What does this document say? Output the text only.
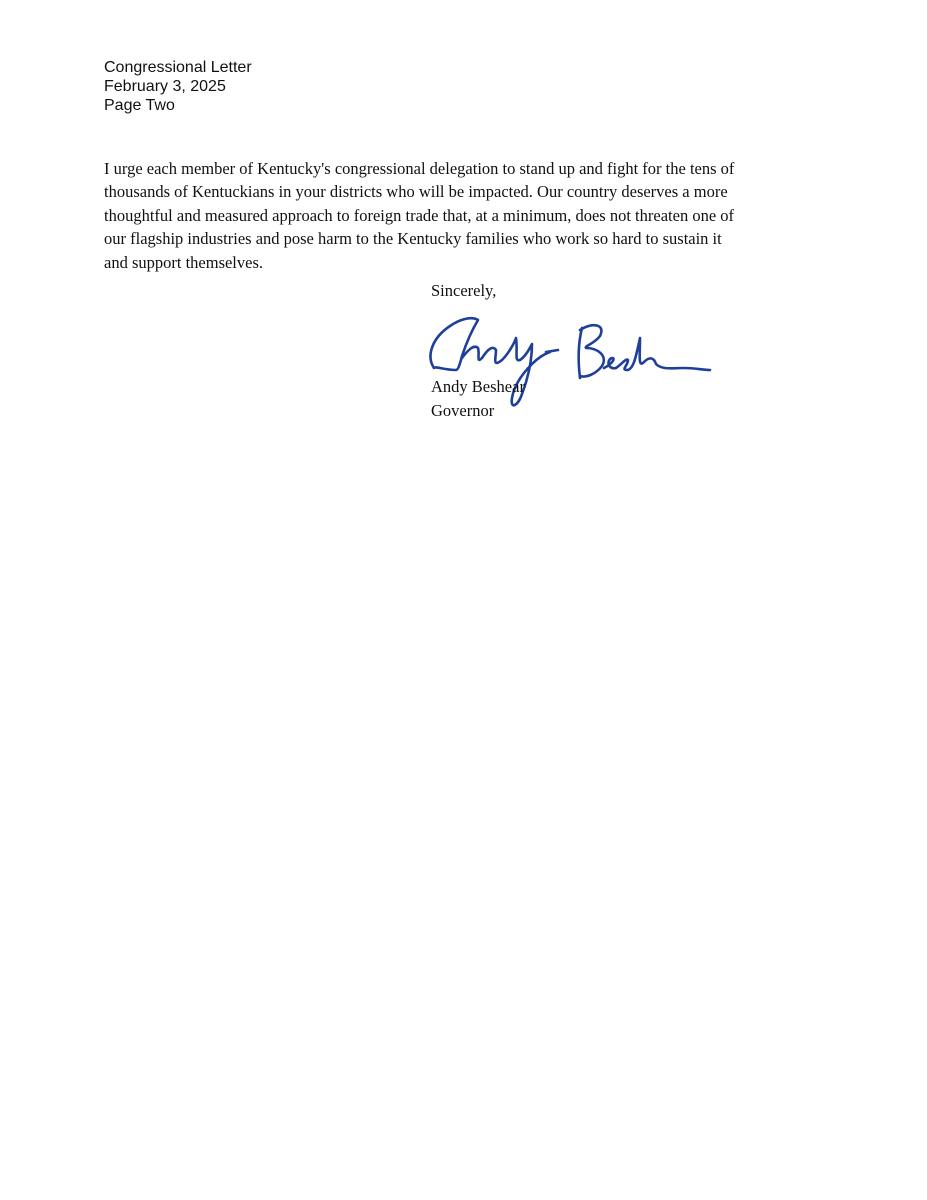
Congressional Letter
February 3, 2025
Page Two
I urge each member of Kentucky's congressional delegation to stand up and fight for the tens of
thousands of Kentuckians in your districts who will be impacted. Our country deserves a more
thoughtful and measured approach to foreign trade that, at a minimum, does not threaten one of
our flagship industries and pose harm to the Kentucky families who work so hard to sustain it
and support themselves.
Sincerely,
Andy Beshear
Governor
